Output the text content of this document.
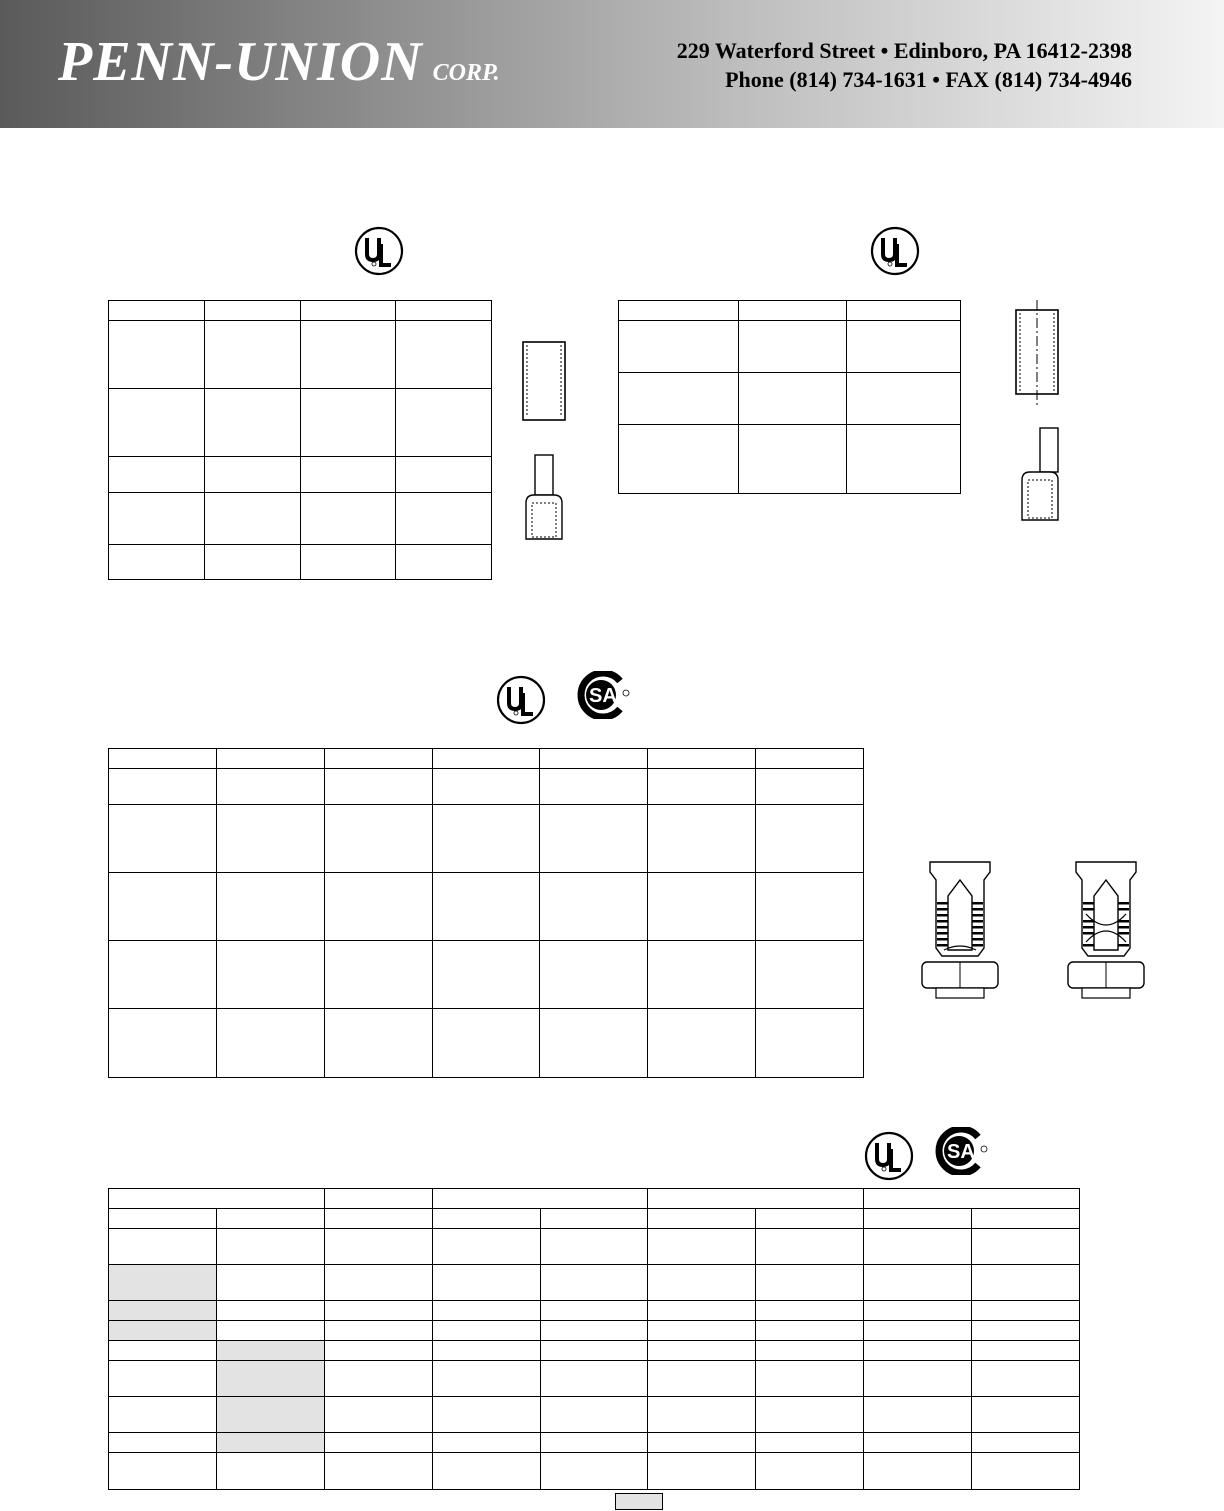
PENN-UNION CORP.
229 Waterford Street • Edinboro, PA 16412-2398
Phone (814) 734-1631 • FAX (814) 734-4946
SA
SA
